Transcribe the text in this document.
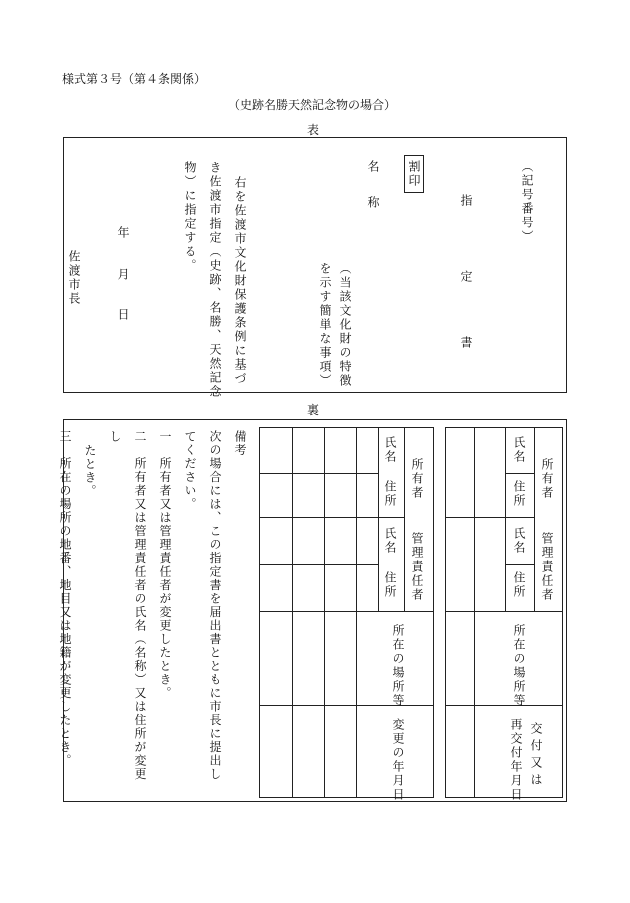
様式第３号（第４条関係）
（史跡名勝天然記念物の場合）
表
（記号番号）
指
定
書
割印
名　称
（当該文化財の特徴
を示す簡単な事項）
右を佐渡市文化財保護条例に基づ
き佐渡市指定（史跡、名勝、天然記念
物）に指定する。
年
月
日
佐渡市長
裏
所有者
管理責任者
氏名
住所
氏名
住所
所在の場所等
交付又は
再交付年月日
所有者
管理責任者
氏名
住所
氏名
住所
所在の場所等
変更の年月日
備考
次の場合には、この指定書を届出書とともに市長に提出し
てください。
一　所有者又は管理責任者が変更したとき。
二　所有者又は管理責任者の氏名（名称）又は住所が変更し
たとき。
三　所在の場所の地番、地目又は地籍が変更したとき。
